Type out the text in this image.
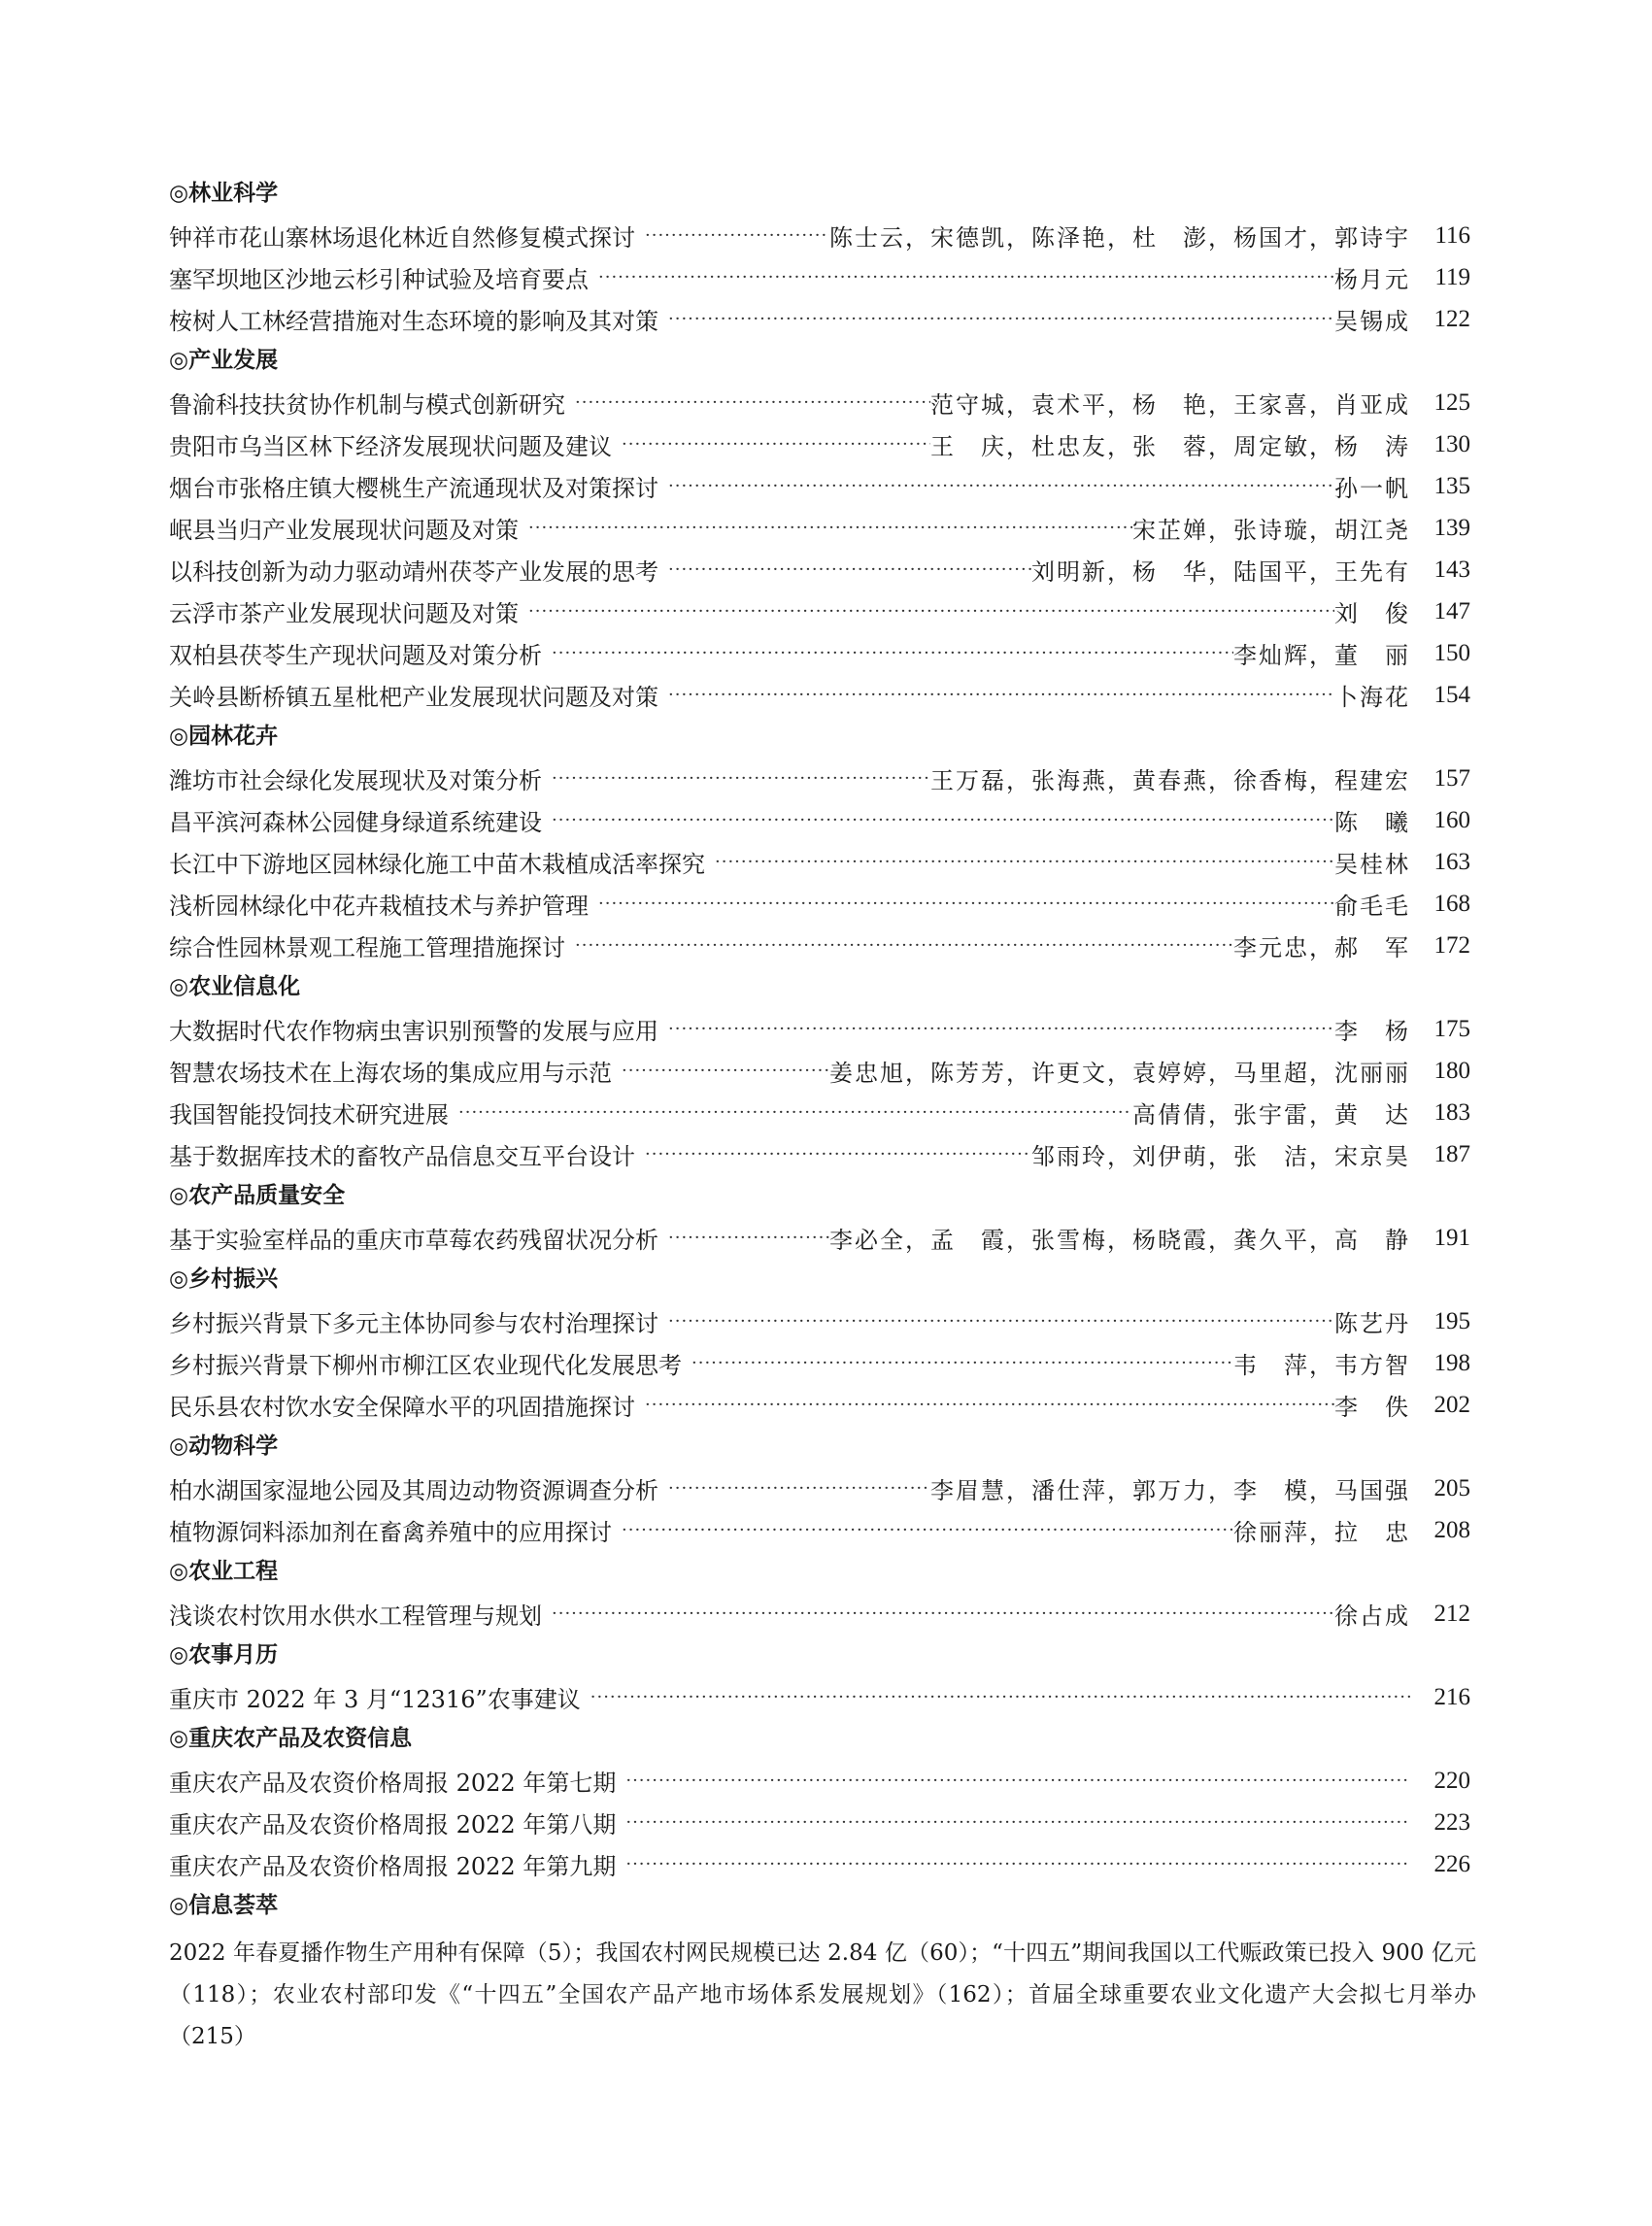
◎林业科学
钟祥市花山寨林场退化林近自然修复模式探讨 ·····	陈士云，宋德凯，陈泽艳，杜　澎，杨国才，郭诗宇	116
塞罕坝地区沙地云杉引种试验及培育要点 ·····	杨月元	119
桉树人工林经营措施对生态环境的影响及其对策 ·····	吴锡成 122
◎产业发展
鲁渝科技扶贫协作机制与模式创新研究 ·····	范守城，袁术平，杨　艳，王家喜，肖亚成 125
贵阳市乌当区林下经济发展现状问题及建议 ·····	王　庆，杜忠友，张　蓉，周定敏，杨　涛 130
烟台市张格庄镇大樱桃生产流通现状及对策探讨 ·····	孙一帆 135
岷县当归产业发展现状问题及对策 ·····	宋芷婵，张诗璇，胡江尧 139
以科技创新为动力驱动靖州茯苓产业发展的思考 ·····	刘明新，杨　华，陆国平，王先有 143
云浮市茶产业发展现状问题及对策 ·····	刘　俊 147
双柏县茯苓生产现状问题及对策分析 ·····	李灿辉，董　丽 150
关岭县断桥镇五星枇杷产业发展现状问题及对策 ·····	卜海花 154
◎园林花卉
潍坊市社会绿化发展现状及对策分析 ·····	王万磊，张海燕，黄春燕，徐香梅，程建宏 157
昌平滨河森林公园健身绿道系统建设 ·····	陈　曦 160
长江中下游地区园林绿化施工中苗木栽植成活率探究 ·····	吴桂林 163
浅析园林绿化中花卉栽植技术与养护管理 ·····	俞毛毛 168
综合性园林景观工程施工管理措施探讨 ·····	李元忠，郝　军 172
◎农业信息化
大数据时代农作物病虫害识别预警的发展与应用 ·····	李　杨 175
智慧农场技术在上海农场的集成应用与示范 ·····	姜忠旭，陈芳芳，许更文，袁婷婷，马里超，沈丽丽 180
我国智能投饲技术研究进展 ·····	高倩倩，张宇雷，黄　达 183
基于数据库技术的畜牧产品信息交互平台设计 ·····	邹雨玲，刘伊萌，张　洁，宋京昊 187
◎农产品质量安全
基于实验室样品的重庆市草莓农药残留状况分析 ·····	李必全，孟　霞，张雪梅，杨晓霞，龚久平，高　静 191
◎乡村振兴
乡村振兴背景下多元主体协同参与农村治理探讨 ·····	陈艺丹 195
乡村振兴背景下柳州市柳江区农业现代化发展思考 ·····	韦　萍，韦方智 198
民乐县农村饮水安全保障水平的巩固措施探讨 ·····	李　佚 202
◎动物科学
柏水湖国家湿地公园及其周边动物资源调查分析 ·····	李眉慧，潘仕萍，郭万力，李　模，马国强 205
植物源饲料添加剂在畜禽养殖中的应用探讨 ·····	徐丽萍，拉　忠 208
◎农业工程
浅谈农村饮用水供水工程管理与规划 ·····	徐占成 212
◎农事月历
重庆市 2022 年 3 月“12316”农事建议 ·····	216
◎重庆农产品及农资信息
重庆农产品及农资价格周报 2022 年第七期 ·····	220
重庆农产品及农资价格周报 2022 年第八期 ·····	223
重庆农产品及农资价格周报 2022 年第九期 ·····	226
◎信息荟萃
2022 年春夏播作物生产用种有保障（5）；我国农村网民规模已达 2.84 亿（60）；“十四五”期间我国以工代赈政策已投入 900 亿元（118）；农业农村部印发《“十四五”全国农产品产地市场体系发展规划》（162）；首届全球重要农业文化遗产大会拟七月举办（215）
